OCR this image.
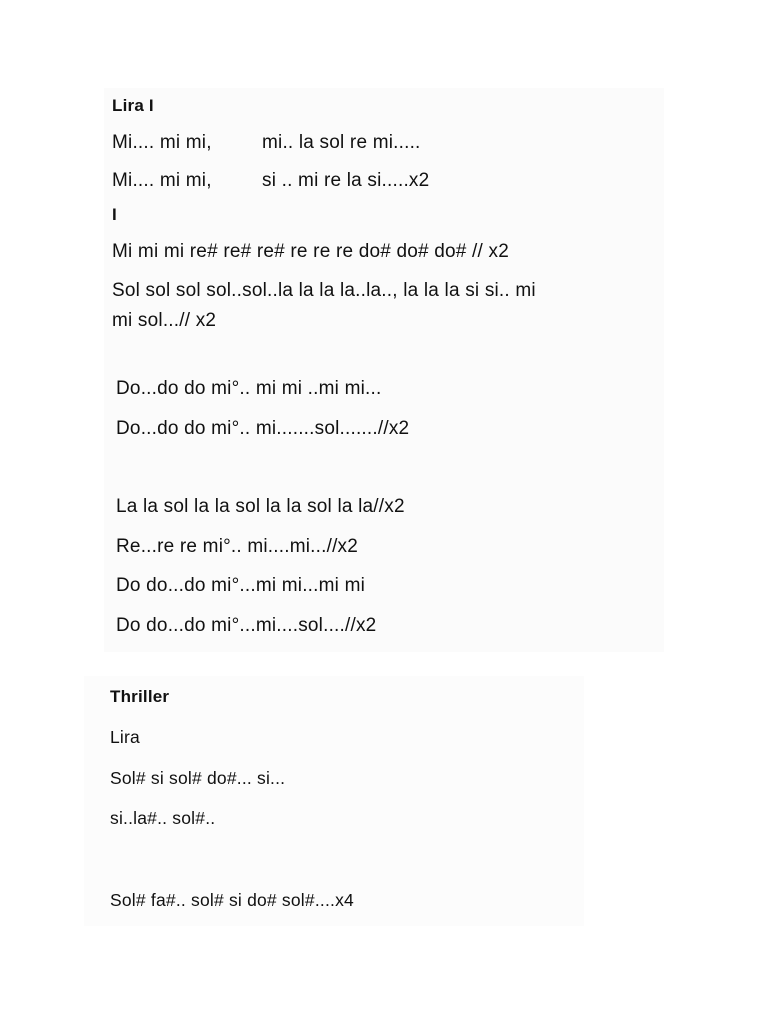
Lira I
Mi.... mi mi,	mi.. la sol re mi.....
Mi.... mi mi,	si .. mi re la si.....x2
I
Mi mi mi re# re# re# re re re do# do# do# // x2
Sol sol sol sol..sol..la la la la..la.., la la la si si.. mi
mi sol...// x2
Do...do do mi°.. mi mi ..mi mi...
Do...do do mi°.. mi.......sol.......//x2
La la sol la la sol la la sol la la//x2
Re...re re mi°.. mi....mi...//x2
Do do...do mi°...mi mi...mi mi
Do do...do mi°...mi....sol....//x2
Thriller
Lira
Sol# si sol# do#... si...
si..la#.. sol#..
Sol# fa#.. sol# si do# sol#....x4
